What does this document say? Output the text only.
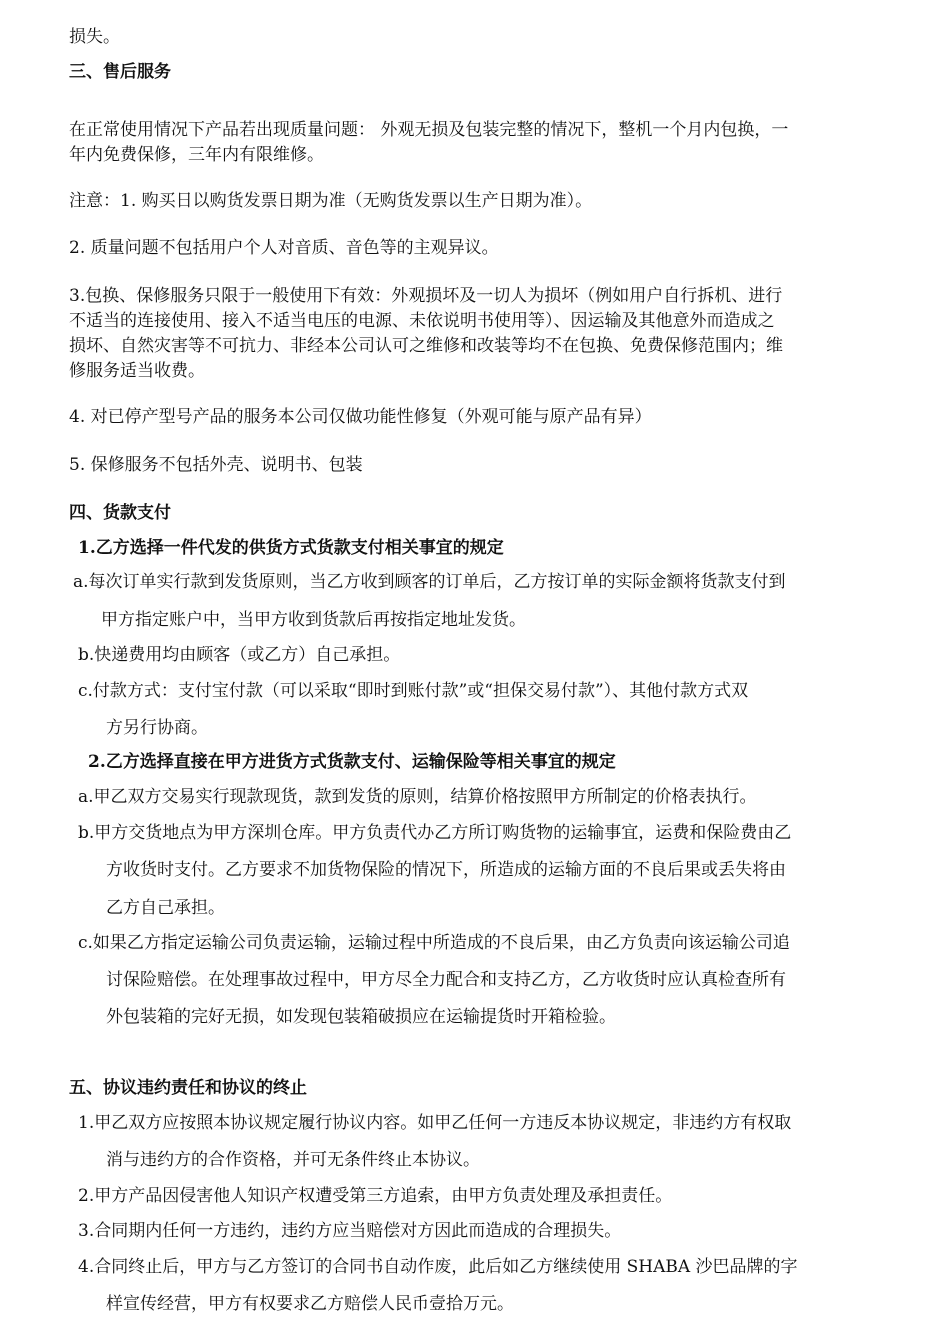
损失。
三、售后服务
在正常使用情况下产品若出现质量问题： 外观无损及包装完整的情况下，整机一个月内包换，一
年内免费保修，三年内有限维修。
注意：1. 购买日以购货发票日期为准（无购货发票以生产日期为准）。
2. 质量问题不包括用户个人对音质、音色等的主观异议。
3.包换、保修服务只限于一般使用下有效：外观损坏及一切人为损坏（例如用户自行拆机、进行
不适当的连接使用、接入不适当电压的电源、未依说明书使用等）、因运输及其他意外而造成之
损坏、自然灾害等不可抗力、非经本公司认可之维修和改装等均不在包换、免费保修范围内；维
修服务适当收费。
4. 对已停产型号产品的服务本公司仅做功能性修复（外观可能与原产品有异）
5. 保修服务不包括外壳、说明书、包装
四、货款支付
1.乙方选择一件代发的供货方式货款支付相关事宜的规定
a.每次订单实行款到发货原则，当乙方收到顾客的订单后，乙方按订单的实际金额将货款支付到
甲方指定账户中，当甲方收到货款后再按指定地址发货。
b.快递费用均由顾客（或乙方）自己承担。
c.付款方式：支付宝付款（可以采取“即时到账付款”或“担保交易付款”）、其他付款方式双
方另行协商。
2.乙方选择直接在甲方进货方式货款支付、运输保险等相关事宜的规定
a.甲乙双方交易实行现款现货，款到发货的原则，结算价格按照甲方所制定的价格表执行。
b.甲方交货地点为甲方深圳仓库。甲方负责代办乙方所订购货物的运输事宜，运费和保险费由乙
方收货时支付。乙方要求不加货物保险的情况下，所造成的运输方面的不良后果或丢失将由
乙方自己承担。
c.如果乙方指定运输公司负责运输，运输过程中所造成的不良后果，由乙方负责向该运输公司追
讨保险赔偿。在处理事故过程中，甲方尽全力配合和支持乙方，乙方收货时应认真检查所有
外包装箱的完好无损，如发现包装箱破损应在运输提货时开箱检验。
五、协议违约责任和协议的终止
1.甲乙双方应按照本协议规定履行协议内容。如甲乙任何一方违反本协议规定，非违约方有权取
消与违约方的合作资格，并可无条件终止本协议。
2.甲方产品因侵害他人知识产权遭受第三方追索，由甲方负责处理及承担责任。
3.合同期内任何一方违约，违约方应当赔偿对方因此而造成的合理损失。
4.合同终止后，甲方与乙方签订的合同书自动作废，此后如乙方继续使用 SHABA 沙巴品牌的字
样宣传经营，甲方有权要求乙方赔偿人民币壹拾万元。
